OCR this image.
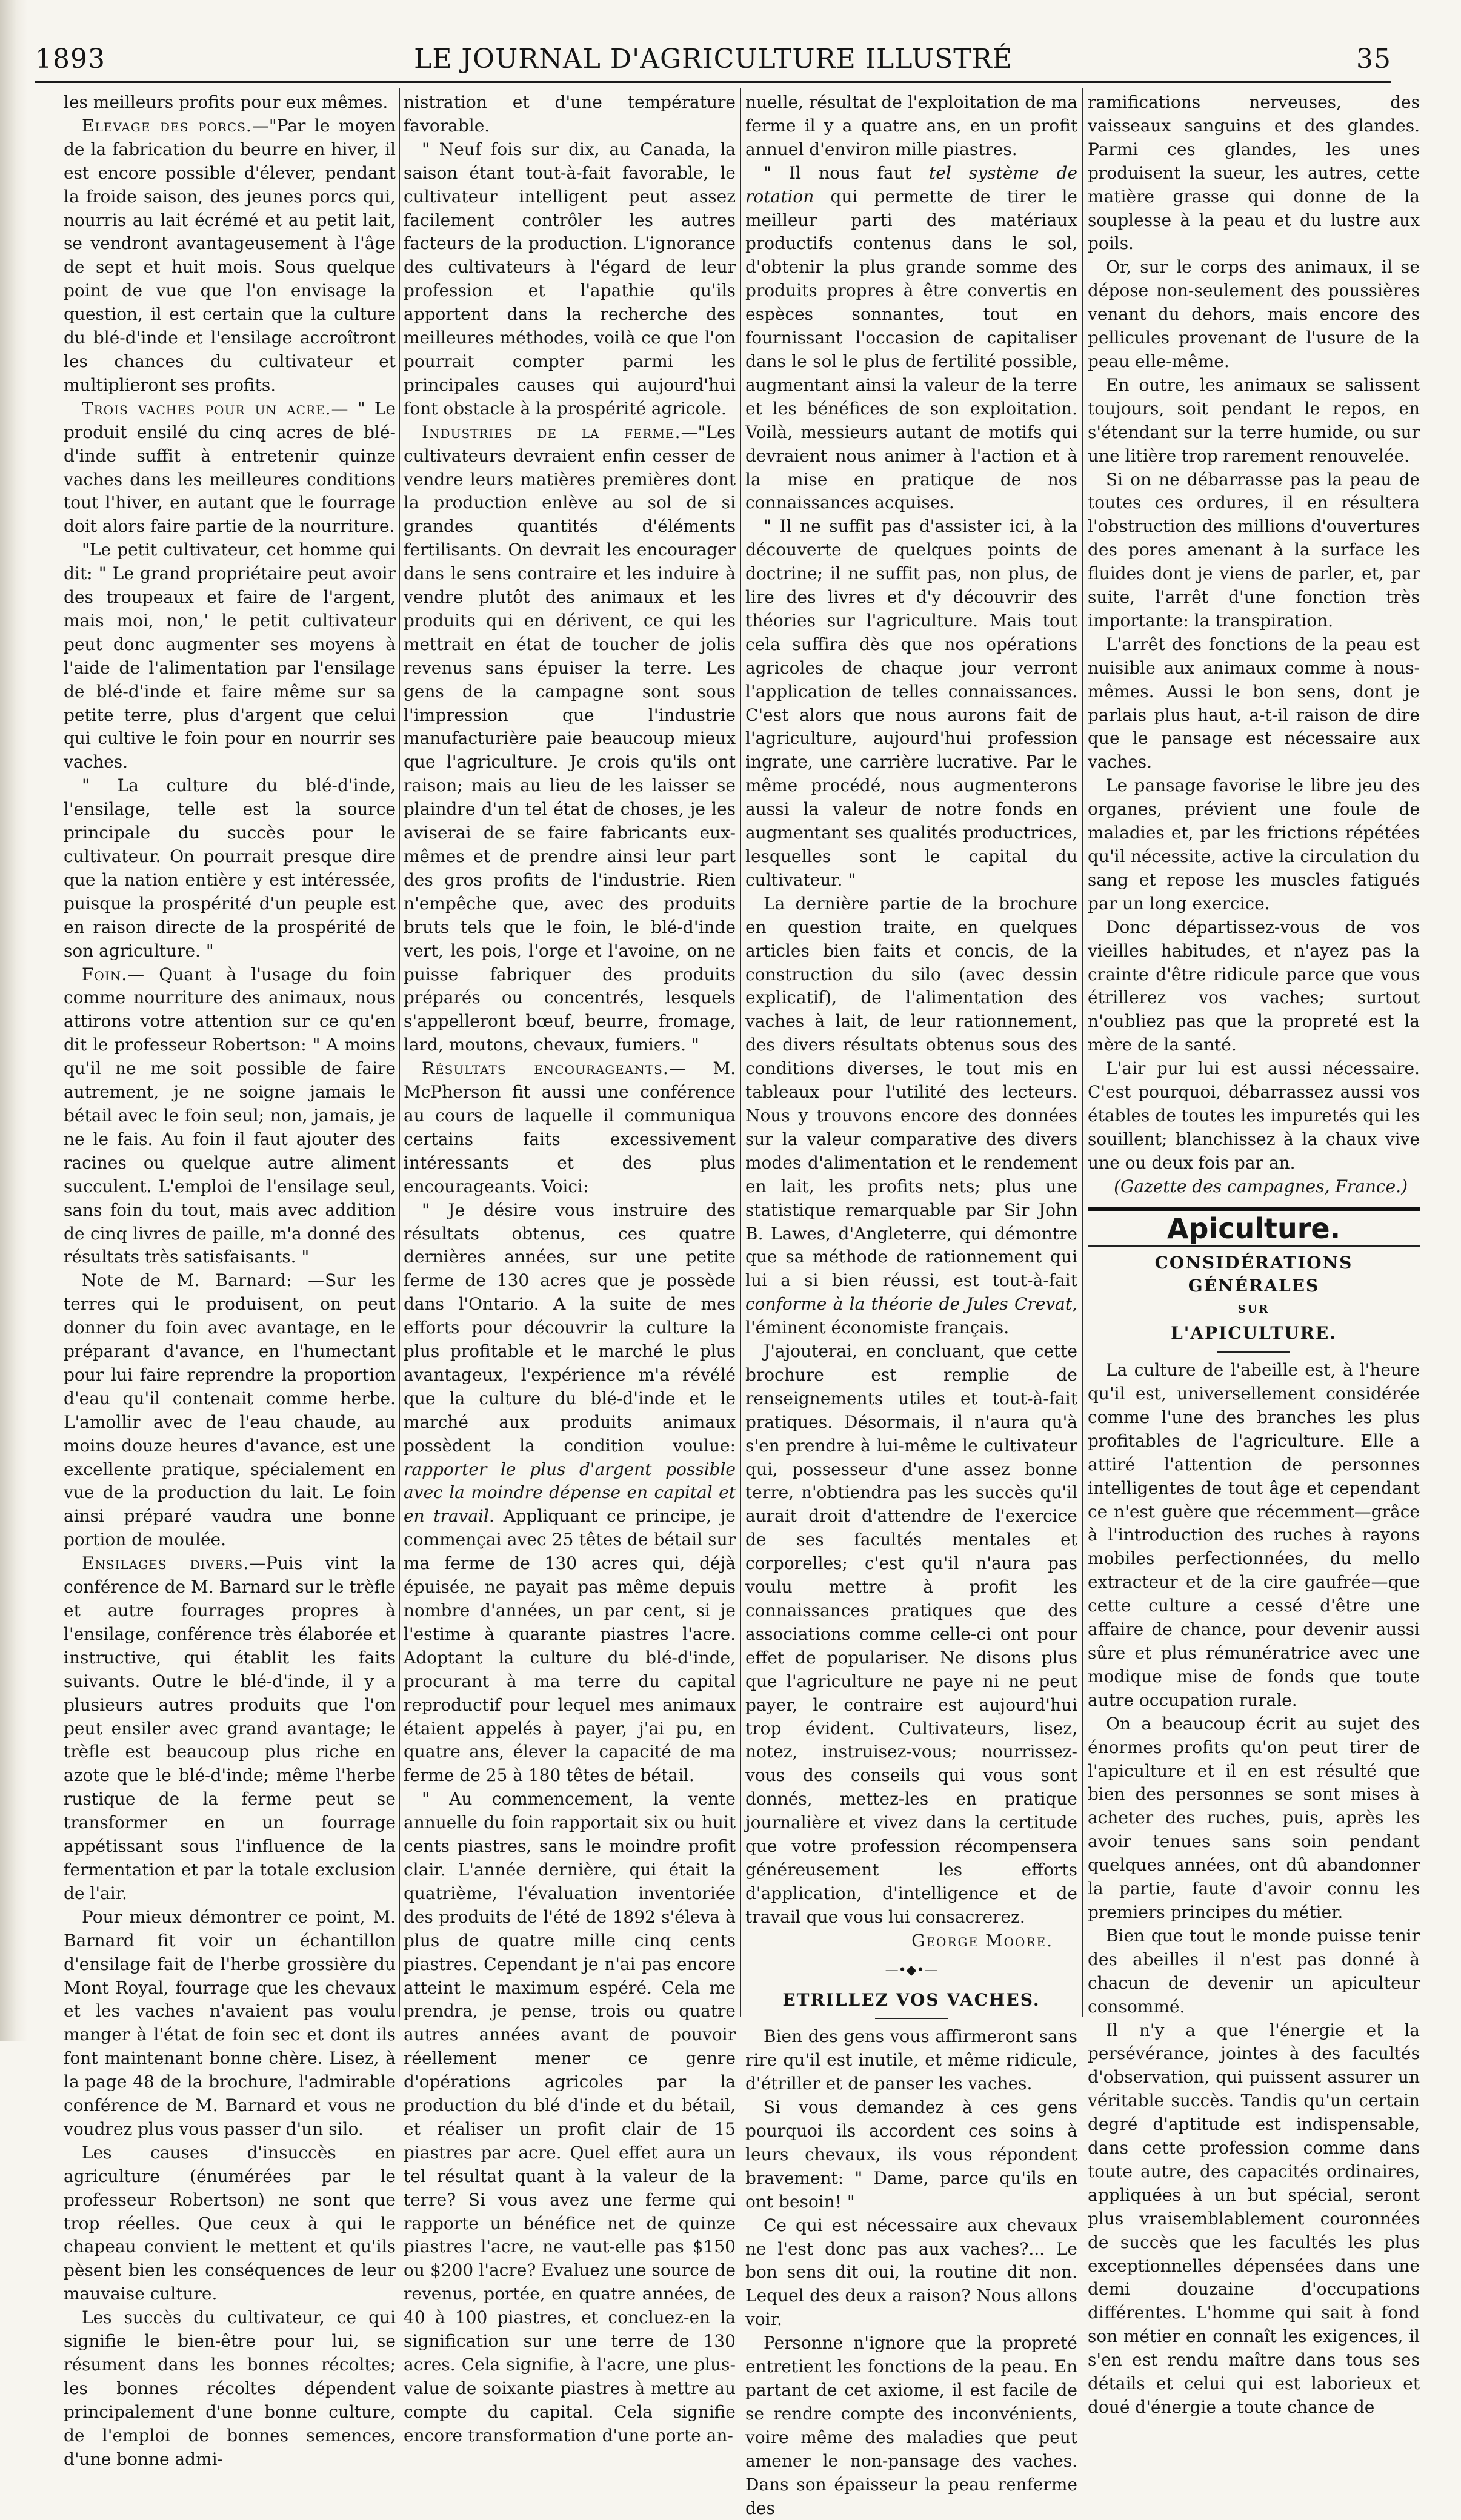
1893	LE JOURNAL D'AGRICULTURE ILLUSTRÉ	35

les meilleurs profits pour eux mêmes.

Elevage des porcs.—"Par le moyen de la fabrication du beurre en hiver, il est encore possible d'élever, pendant la froide saison, des jeunes porcs qui, nourris au lait écrémé et au petit lait, se vendront avantageusement à l'âge de sept et huit mois. Sous quelque point de vue que l'on envisage la question, il est certain que la culture du blé-d'inde et l'ensilage accroîtront les chances du cultivateur et multiplieront ses profits.

Trois vaches pour un acre.— " Le produit ensilé du cinq acres de blé-d'inde suffit à entretenir quinze vaches dans les meilleures conditions tout l'hiver, en autant que le fourrage doit alors faire partie de la nourriture.

"Le petit cultivateur, cet homme qui dit: " Le grand propriétaire peut avoir des troupeaux et faire de l'argent, mais moi, non,' le petit cultivateur peut donc augmenter ses moyens à l'aide de l'alimentation par l'ensilage de blé-d'inde et faire même sur sa petite terre, plus d'argent que celui qui cultive le foin pour en nourrir ses vaches.

" La culture du blé-d'inde, l'ensilage, telle est la source principale du succès pour le cultivateur. On pourrait presque dire que la nation entière y est intéressée, puisque la prospérité d'un peuple est en raison directe de la prospérité de son agriculture. "

Foin.— Quant à l'usage du foin comme nourriture des animaux, nous attirons votre attention sur ce qu'en dit le professeur Robertson: " A moins qu'il ne me soit possible de faire autrement, je ne soigne jamais le bétail avec le foin seul; non, jamais, je ne le fais. Au foin il faut ajouter des racines ou quelque autre aliment succulent. L'emploi de l'ensilage seul, sans foin du tout, mais avec addition de cinq livres de paille, m'a donné des résultats très satisfaisants. "

Note de M. Barnard: —Sur les terres qui le produisent, on peut donner du foin avec avantage, en le préparant d'avance, en l'humectant pour lui faire reprendre la proportion d'eau qu'il contenait comme herbe. L'amollir avec de l'eau chaude, au moins douze heures d'avance, est une excellente pratique, spécialement en vue de la production du lait. Le foin ainsi préparé vaudra une bonne portion de moulée.

Ensilages divers.—Puis vint la conférence de M. Barnard sur le trèfle et autre fourrages propres à l'ensilage, conférence très élaborée et instructive, qui établit les faits suivants. Outre le blé-d'inde, il y a plusieurs autres produits que l'on peut ensiler avec grand avantage; le trèfle est beaucoup plus riche en azote que le blé-d'inde; même l'herbe rustique de la ferme peut se transformer en un fourrage appétissant sous l'influence de la fermentation et par la totale exclusion de l'air.

Pour mieux démontrer ce point, M. Barnard fit voir un échantillon d'ensilage fait de l'herbe grossière du Mont Royal, fourrage que les chevaux et les vaches n'avaient pas voulu manger à l'état de foin sec et dont ils font maintenant bonne chère. Lisez, à la page 48 de la brochure, l'admirable conférence de M. Barnard et vous ne voudrez plus vous passer d'un silo.

Les causes d'insuccès en agriculture (énumérées par le professeur Robertson) ne sont que trop réelles. Que ceux à qui le chapeau convient le mettent et qu'ils pèsent bien les conséquences de leur mauvaise culture.

Les succès du cultivateur, ce qui signifie le bien-être pour lui, se résument dans les bonnes récoltes; les bonnes récoltes dépendent principalement d'une bonne culture, de l'emploi de bonnes semences, d'une bonne admi-

nistration et d'une température favorable.

" Neuf fois sur dix, au Canada, la saison étant tout-à-fait favorable, le cultivateur intelligent peut assez facilement contrôler les autres facteurs de la production. L'ignorance des cultivateurs à l'égard de leur profession et l'apathie qu'ils apportent dans la recherche des meilleures méthodes, voilà ce que l'on pourrait compter parmi les principales causes qui aujourd'hui font obstacle à la prospérité agricole.

Industries de la ferme.—"Les cultivateurs devraient enfin cesser de vendre leurs matières premières dont la production enlève au sol de si grandes quantités d'éléments fertilisants. On devrait les encourager dans le sens contraire et les induire à vendre plutôt des animaux et les produits qui en dérivent, ce qui les mettrait en état de toucher de jolis revenus sans épuiser la terre. Les gens de la campagne sont sous l'impression que l'industrie manufacturière paie beaucoup mieux que l'agriculture. Je crois qu'ils ont raison; mais au lieu de les laisser se plaindre d'un tel état de choses, je les aviserai de se faire fabricants eux-mêmes et de prendre ainsi leur part des gros profits de l'industrie. Rien n'empêche que, avec des produits bruts tels que le foin, le blé-d'inde vert, les pois, l'orge et l'avoine, on ne puisse fabriquer des produits préparés ou concentrés, lesquels s'appelleront bœuf, beurre, fromage, lard, moutons, chevaux, fumiers. "

Résultats encourageants.— M. McPherson fit aussi une conférence au cours de laquelle il communiqua certains faits excessivement intéressants et des plus encourageants. Voici:

" Je désire vous instruire des résultats obtenus, ces quatre dernières années, sur une petite ferme de 130 acres que je possède dans l'Ontario. A la suite de mes efforts pour découvrir la culture la plus profitable et le marché le plus avantageux, l'expérience m'a révélé que la culture du blé-d'inde et le marché aux produits animaux possèdent la condition voulue: rapporter le plus d'argent possible avec la moindre dépense en capital et en travail. Appliquant ce principe, je commençai avec 25 têtes de bétail sur ma ferme de 130 acres qui, déjà épuisée, ne payait pas même depuis nombre d'années, un par cent, si je l'estime à quarante piastres l'acre. Adoptant la culture du blé-d'inde, procurant à ma terre du capital reproductif pour lequel mes animaux étaient appelés à payer, j'ai pu, en quatre ans, élever la capacité de ma ferme de 25 à 180 têtes de bétail.

" Au commencement, la vente annuelle du foin rapportait six ou huit cents piastres, sans le moindre profit clair. L'année dernière, qui était la quatrième, l'évaluation inventoriée des produits de l'été de 1892 s'éleva à plus de quatre mille cinq cents piastres. Cependant je n'ai pas encore atteint le maximum espéré. Cela me prendra, je pense, trois ou quatre autres années avant de pouvoir réellement mener ce genre d'opérations agricoles par la production du blé d'inde et du bétail, et réaliser un profit clair de 15 piastres par acre. Quel effet aura un tel résultat quant à la valeur de la terre? Si vous avez une ferme qui rapporte un bénéfice net de quinze piastres l'acre, ne vaut-elle pas $150 ou $200 l'acre? Evaluez une source de revenus, portée, en quatre années, de 40 à 100 piastres, et concluez-en la signification sur une terre de 130 acres. Cela signifie, à l'acre, une plus-value de soixante piastres à mettre au compte du capital. Cela signifie encore transformation d'une porte an-

nuelle, résultat de l'exploitation de ma ferme il y a quatre ans, en un profit annuel d'environ mille piastres.

" Il nous faut tel système de rotation qui permette de tirer le meilleur parti des matériaux productifs contenus dans le sol, d'obtenir la plus grande somme des produits propres à être convertis en espèces sonnantes, tout en fournissant l'occasion de capitaliser dans le sol le plus de fertilité possible, augmentant ainsi la valeur de la terre et les bénéfices de son exploitation. Voilà, messieurs autant de motifs qui devraient nous animer à l'action et à la mise en pratique de nos connaissances acquises.

" Il ne suffit pas d'assister ici, à la découverte de quelques points de doctrine; il ne suffit pas, non plus, de lire des livres et d'y découvrir des théories sur l'agriculture. Mais tout cela suffira dès que nos opérations agricoles de chaque jour verront l'application de telles connaissances. C'est alors que nous aurons fait de l'agriculture, aujourd'hui profession ingrate, une carrière lucrative. Par le même procédé, nous augmenterons aussi la valeur de notre fonds en augmentant ses qualités productrices, lesquelles sont le capital du cultivateur. "

La dernière partie de la brochure en question traite, en quelques articles bien faits et concis, de la construction du silo (avec dessin explicatif), de l'alimentation des vaches à lait, de leur rationnement, des divers résultats obtenus sous des conditions diverses, le tout mis en tableaux pour l'utilité des lecteurs. Nous y trouvons encore des données sur la valeur comparative des divers modes d'alimentation et le rendement en lait, les profits nets; plus une statistique remarquable par Sir John B. Lawes, d'Angleterre, qui démontre que sa méthode de rationnement qui lui a si bien réussi, est tout-à-fait conforme à la théorie de Jules Crevat, l'éminent économiste français.

J'ajouterai, en concluant, que cette brochure est remplie de renseignements utiles et tout-à-fait pratiques. Désormais, il n'aura qu'à s'en prendre à lui-même le cultivateur qui, possesseur d'une assez bonne terre, n'obtiendra pas les succès qu'il aurait droit d'attendre de l'exercice de ses facultés mentales et corporelles; c'est qu'il n'aura pas voulu mettre à profit les connaissances pratiques que des associations comme celle-ci ont pour effet de populariser. Ne disons plus que l'agriculture ne paye ni ne peut payer, le contraire est aujourd'hui trop évident. Cultivateurs, lisez, notez, instruisez-vous; nourrissez-vous des conseils qui vous sont donnés, mettez-les en pratique journalière et vivez dans la certitude que votre profession récompensera généreusement les efforts d'application, d'intelligence et de travail que vous lui consacrerez.

George Moore.

—•◆•—

ETRILLEZ VOS VACHES.

Bien des gens vous affirmeront sans rire qu'il est inutile, et même ridicule, d'étriller et de panser les vaches.

Si vous demandez à ces gens pourquoi ils accordent ces soins à leurs chevaux, ils vous répondent bravement: " Dame, parce qu'ils en ont besoin! "

Ce qui est nécessaire aux chevaux ne l'est donc pas aux vaches?... Le bon sens dit oui, la routine dit non. Lequel des deux a raison? Nous allons voir.

Personne n'ignore que la propreté entretient les fonctions de la peau. En partant de cet axiome, il est facile de se rendre compte des inconvénients, voire même des maladies que peut amener le non-pansage des vaches. Dans son épaisseur la peau renferme des

ramifications nerveuses, des vaisseaux sanguins et des glandes. Parmi ces glandes, les unes produisent la sueur, les autres, cette matière grasse qui donne de la souplesse à la peau et du lustre aux poils.

Or, sur le corps des animaux, il se dépose non-seulement des poussières venant du dehors, mais encore des pellicules provenant de l'usure de la peau elle-même.

En outre, les animaux se salissent toujours, soit pendant le repos, en s'étendant sur la terre humide, ou sur une litière trop rarement renouvelée.

Si on ne débarrasse pas la peau de toutes ces ordures, il en résultera l'obstruction des millions d'ouvertures des pores amenant à la surface les fluides dont je viens de parler, et, par suite, l'arrêt d'une fonction très importante: la transpiration.

L'arrêt des fonctions de la peau est nuisible aux animaux comme à nous-mêmes. Aussi le bon sens, dont je parlais plus haut, a-t-il raison de dire que le pansage est nécessaire aux vaches.

Le pansage favorise le libre jeu des organes, prévient une foule de maladies et, par les frictions répétées qu'il nécessite, active la circulation du sang et repose les muscles fatigués par un long exercice.

Donc départissez-vous de vos vieilles habitudes, et n'ayez pas la crainte d'être ridicule parce que vous étrillerez vos vaches; surtout n'oubliez pas que la propreté est la mère de la santé.

L'air pur lui est aussi nécessaire. C'est pourquoi, débarrassez aussi vos étables de toutes les impuretés qui les souillent; blanchissez à la chaux vive une ou deux fois par an.

(Gazette des campagnes, France.)

Apiculture.

CONSIDÉRATIONS GÉNÉRALES

SUR

L'APICULTURE.

La culture de l'abeille est, à l'heure qu'il est, universellement considérée comme l'une des branches les plus profitables de l'agriculture. Elle a attiré l'attention de personnes intelligentes de tout âge et cependant ce n'est guère que récemment—grâce à l'introduction des ruches à rayons mobiles perfectionnées, du mello extracteur et de la cire gaufrée—que cette culture a cessé d'être une affaire de chance, pour devenir aussi sûre et plus rémunératrice avec une modique mise de fonds que toute autre occupation rurale.

On a beaucoup écrit au sujet des énormes profits qu'on peut tirer de l'apiculture et il en est résulté que bien des personnes se sont mises à acheter des ruches, puis, après les avoir tenues sans soin pendant quelques années, ont dû abandonner la partie, faute d'avoir connu les premiers principes du métier.

Bien que tout le monde puisse tenir des abeilles il n'est pas donné à chacun de devenir un apiculteur consommé.

Il n'y a que l'énergie et la persévérance, jointes à des facultés d'observation, qui puissent assurer un véritable succès. Tandis qu'un certain degré d'aptitude est indispensable, dans cette profession comme dans toute autre, des capacités ordinaires, appliquées à un but spécial, seront plus vraisemblablement couronnées de succès que les facultés les plus exceptionnelles dépensées dans une demi douzaine d'occupations différentes. L'homme qui sait à fond son métier en connaît les exigences, il s'en est rendu maître dans tous ses détails et celui qui est laborieux et doué d'énergie a toute chance de
